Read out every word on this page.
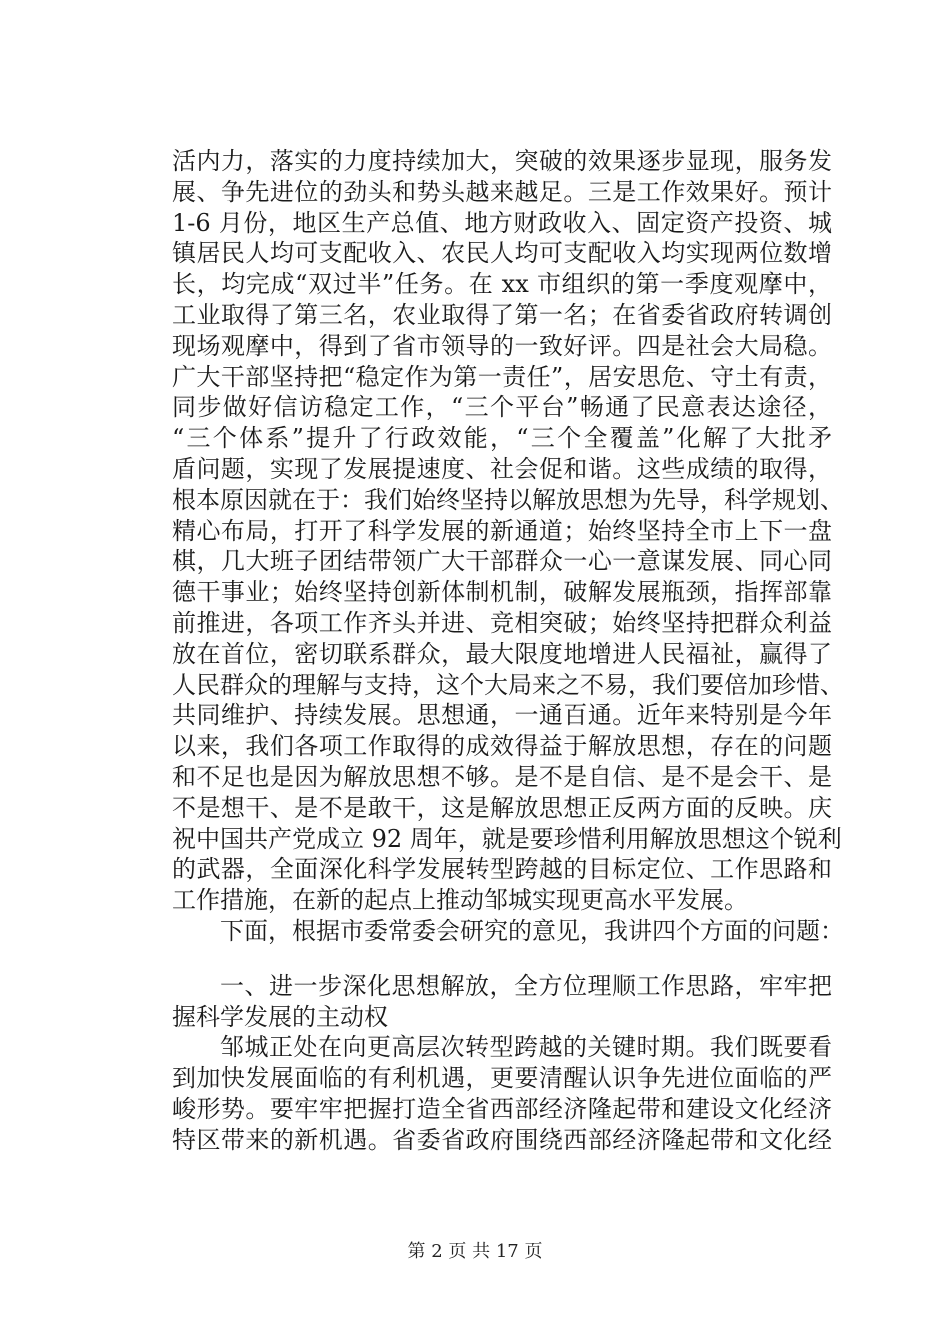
活内力，落实的力度持续加大，突破的效果逐步显现，服务发
展、争先进位的劲头和势头越来越足。三是工作效果好。预计
1-6 月份，地区生产总值、地方财政收入、固定资产投资、城
镇居民人均可支配收入、农民人均可支配收入均实现两位数增
长，均完成“双过半”任务。在 xx 市组织的第一季度观摩中，
工业取得了第三名，农业取得了第一名；在省委省政府转调创
现场观摩中，得到了省市领导的一致好评。四是社会大局稳。
广大干部坚持把“稳定作为第一责任”，居安思危、守土有责，
同步做好信访稳定工作，“三个平台”畅通了民意表达途径，
“三个体系”提升了行政效能，“三个全覆盖”化解了大批矛
盾问题，实现了发展提速度、社会促和谐。这些成绩的取得，
根本原因就在于：我们始终坚持以解放思想为先导，科学规划、
精心布局，打开了科学发展的新通道；始终坚持全市上下一盘
棋，几大班子团结带领广大干部群众一心一意谋发展、同心同
德干事业；始终坚持创新体制机制，破解发展瓶颈，指挥部靠
前推进，各项工作齐头并进、竞相突破；始终坚持把群众利益
放在首位，密切联系群众，最大限度地增进人民福祉，赢得了
人民群众的理解与支持，这个大局来之不易，我们要倍加珍惜、
共同维护、持续发展。思想通，一通百通。近年来特别是今年
以来，我们各项工作取得的成效得益于解放思想，存在的问题
和不足也是因为解放思想不够。是不是自信、是不是会干、是
不是想干、是不是敢干，这是解放思想正反两方面的反映。庆
祝中国共产党成立 92 周年，就是要珍惜利用解放思想这个锐利
的武器，全面深化科学发展转型跨越的目标定位、工作思路和
工作措施，在新的起点上推动邹城实现更高水平发展。
下面，根据市委常委会研究的意见，我讲四个方面的问题：
一、进一步深化思想解放，全方位理顺工作思路，牢牢把
握科学发展的主动权
邹城正处在向更高层次转型跨越的关键时期。我们既要看
到加快发展面临的有利机遇，更要清醒认识争先进位面临的严
峻形势。要牢牢把握打造全省西部经济隆起带和建设文化经济
特区带来的新机遇。省委省政府围绕西部经济隆起带和文化经
第 2 页 共 17 页
